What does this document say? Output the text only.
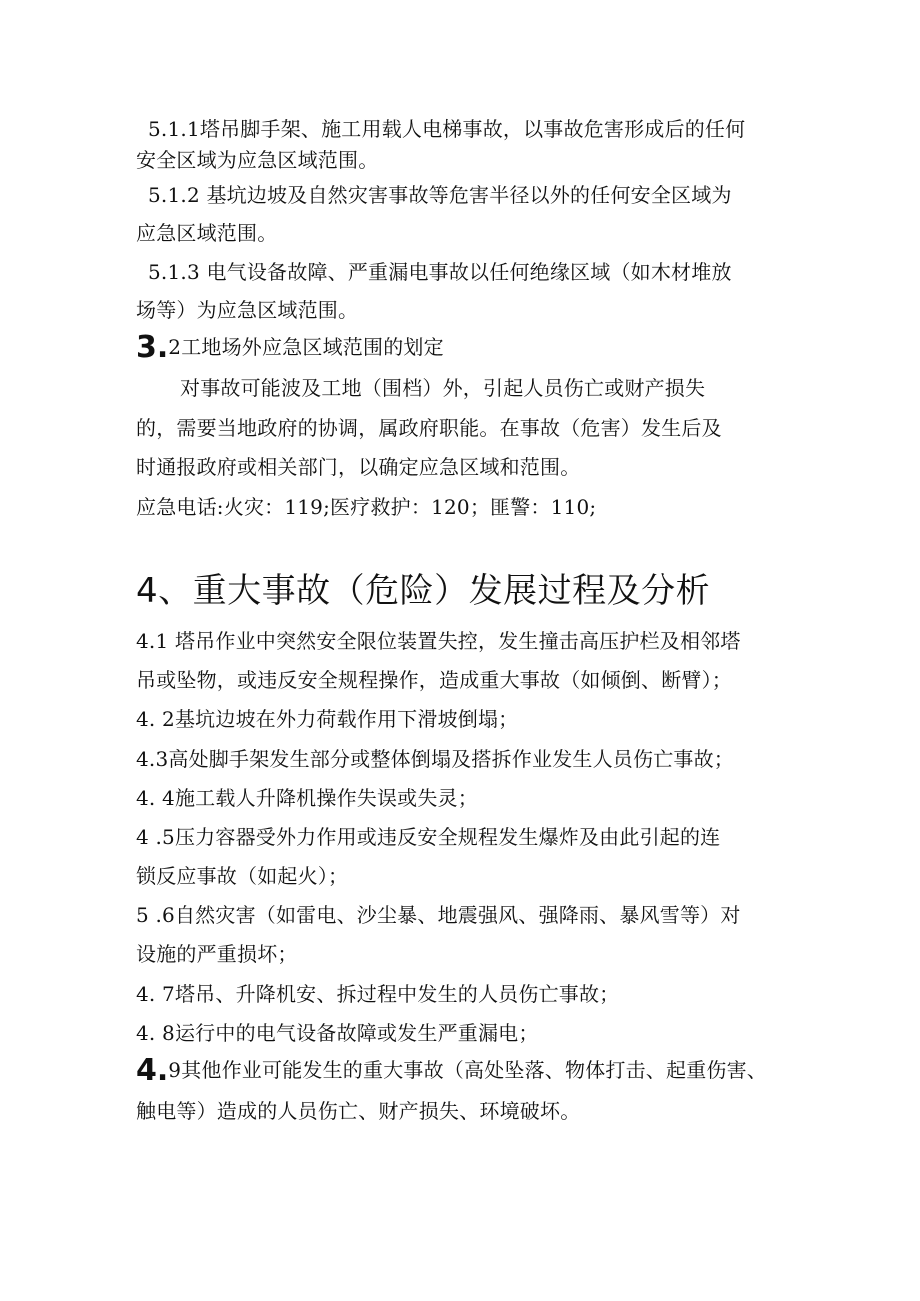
5.1.1塔吊脚手架、施工用载人电梯事故，以事故危害形成后的任何
安全区域为应急区域范围。
5.1.2 基坑边坡及自然灾害事故等危害半径以外的任何安全区域为
应急区域范围。
5.1.3 电气设备故障、严重漏电事故以任何绝缘区域（如木材堆放
场等）为应急区域范围。
3.2工地场外应急区域范围的划定
对事故可能波及工地（围档）外，引起人员伤亡或财产损失
的，需要当地政府的协调，属政府职能。在事故（危害）发生后及
时通报政府或相关部门，以确定应急区域和范围。
应急电话:火灾：119;医疗救护：120；匪警：110;
4、重大事故（危险）发展过程及分析
4.1 塔吊作业中突然安全限位装置失控，发生撞击高压护栏及相邻塔
吊或坠物，或违反安全规程操作，造成重大事故（如倾倒、断臂）；
4. 2基坑边坡在外力荷载作用下滑坡倒塌；
4.3高处脚手架发生部分或整体倒塌及搭拆作业发生人员伤亡事故；
4. 4施工载人升降机操作失误或失灵；
4 .5压力容器受外力作用或违反安全规程发生爆炸及由此引起的连
锁反应事故（如起火）；
5 .6自然灾害（如雷电、沙尘暴、地震强风、强降雨、暴风雪等）对
设施的严重损坏；
4. 7塔吊、升降机安、拆过程中发生的人员伤亡事故；
4. 8运行中的电气设备故障或发生严重漏电；
4.9其他作业可能发生的重大事故（高处坠落、物体打击、起重伤害、
触电等）造成的人员伤亡、财产损失、环境破坏。
